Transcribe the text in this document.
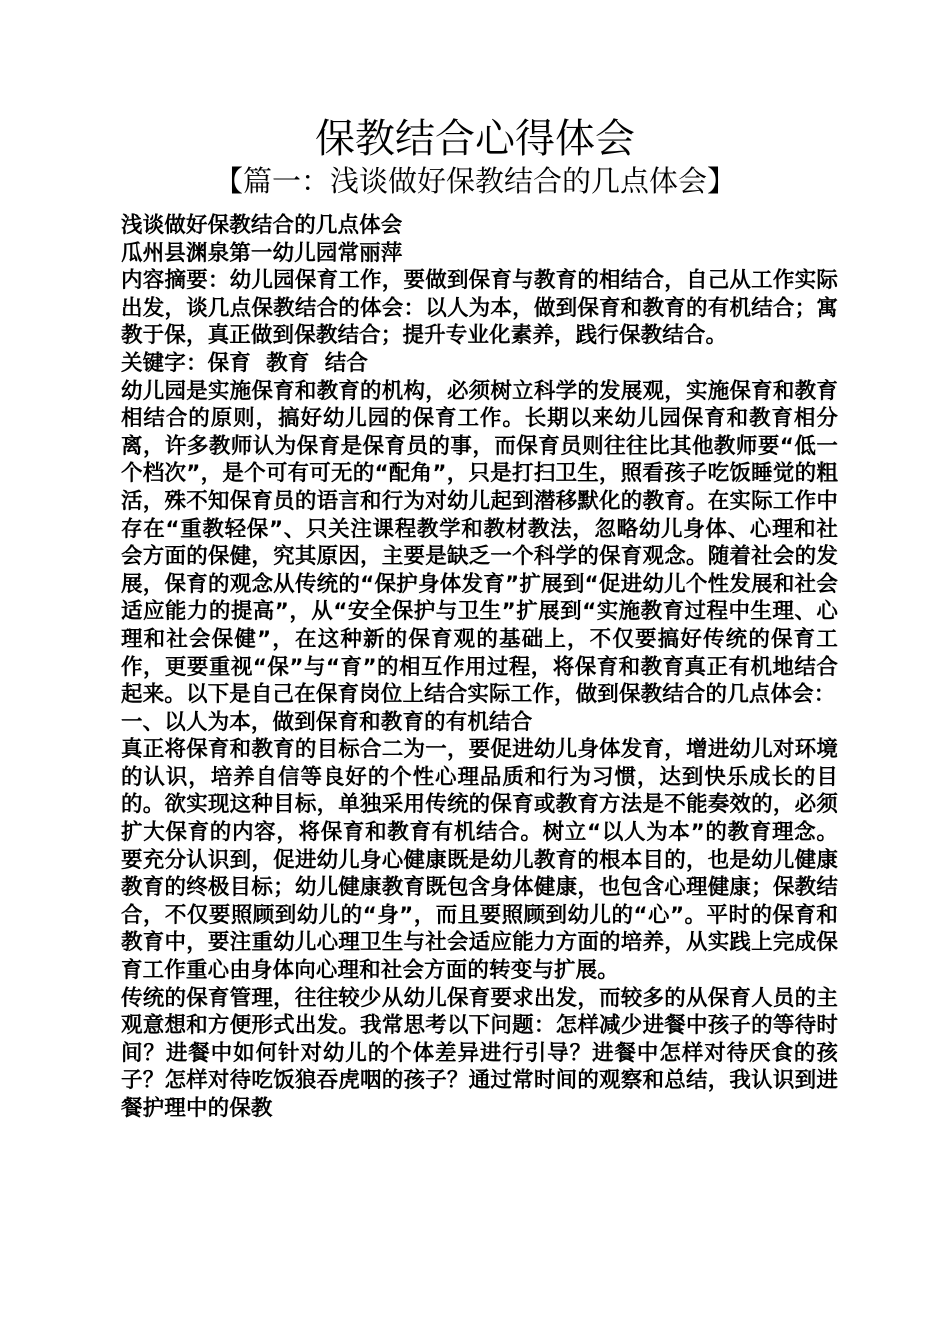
保教结合心得体会
【篇一：浅谈做好保教结合的几点体会】

浅谈做好保教结合的几点体会

瓜州县渊泉第一幼儿园常丽萍

内容摘要：幼儿园保育工作，要做到保育与教育的相结合，自己从工作实际出发，谈几点保教结合的体会：以人为本，做到保育和教育的有机结合；寓教于保，真正做到保教结合；提升专业化素养，践行保教结合。

关键字：保育  教育  结合

幼儿园是实施保育和教育的机构，必须树立科学的发展观，实施保育和教育相结合的原则，搞好幼儿园的保育工作。长期以来幼儿园保育和教育相分离，许多教师认为保育是保育员的事，而保育员则往往比其他教师要“低一个档次”，是个可有可无的“配角”，只是打扫卫生，照看孩子吃饭睡觉的粗活，殊不知保育员的语言和行为对幼儿起到潜移默化的教育。在实际工作中存在“重教轻保”、只关注课程教学和教材教法，忽略幼儿身体、心理和社会方面的保健，究其原因，主要是缺乏一个科学的保育观念。随着社会的发展，保育的观念从传统的“保护身体发育”扩展到“促进幼儿个性发展和社会适应能力的提高”，从“安全保护与卫生”扩展到“实施教育过程中生理、心理和社会保健”，在这种新的保育观的基础上，不仅要搞好传统的保育工作，更要重视“保”与“育”的相互作用过程，将保育和教育真正有机地结合起来。以下是自己在保育岗位上结合实际工作，做到保教结合的几点体会：

一、以人为本，做到保育和教育的有机结合

真正将保育和教育的目标合二为一，要促进幼儿身体发育，增进幼儿对环境的认识，培养自信等良好的个性心理品质和行为习惯，达到快乐成长的目的。欲实现这种目标，单独采用传统的保育或教育方法是不能奏效的，必须扩大保育的内容，将保育和教育有机结合。树立“以人为本”的教育理念。要充分认识到，促进幼儿身心健康既是幼儿教育的根本目的，也是幼儿健康教育的终极目标；幼儿健康教育既包含身体健康，也包含心理健康；保教结合，不仅要照顾到幼儿的“身”，而且要照顾到幼儿的“心”。平时的保育和教育中，要注重幼儿心理卫生与社会适应能力方面的培养，从实践上完成保育工作重心由身体向心理和社会方面的转变与扩展。

传统的保育管理，往往较少从幼儿保育要求出发，而较多的从保育人员的主观意想和方便形式出发。我常思考以下问题：怎样减少进餐中孩子的等待时间？进餐中如何针对幼儿的个体差异进行引导？进餐中怎样对待厌食的孩子？怎样对待吃饭狼吞虎咽的孩子？通过常时间的观察和总结，我认识到进餐护理中的保教
